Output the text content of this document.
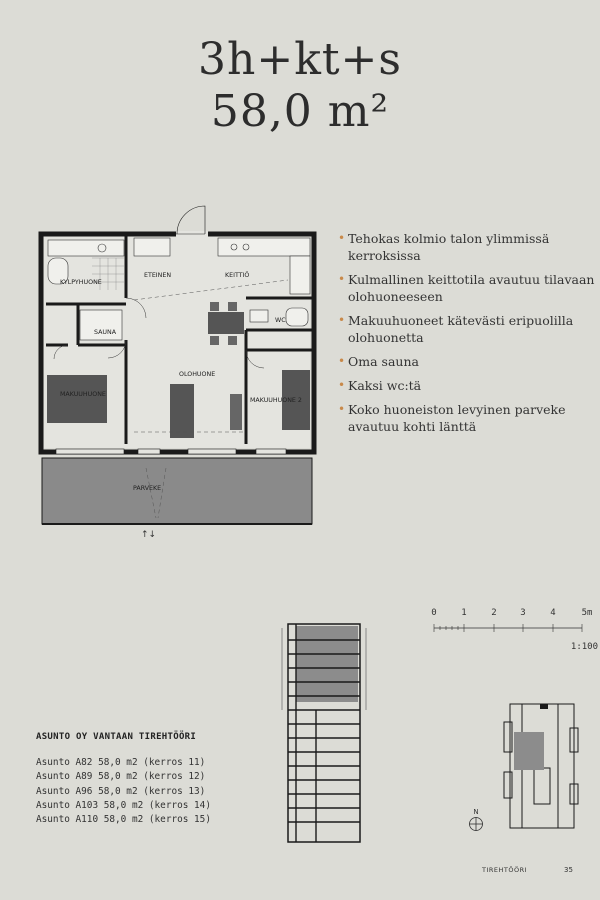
3h+kt+s
58,0 m²
• Tehokas kolmio talon ylimmissä kerroksissa
• Kulmallinen keittotila avautuu tilavaan olohuoneeseen
• Makuuhuoneet kätevästi eripuolilla olohuonetta
• Oma sauna
• Kaksi wc:tä
• Koko huoneiston levyinen parveke avautuu kohti länttä
KYLPYHUONE
ETEINEN	KEITTIÖ
SAUNA
WC
OLOHUONE
MAKUUHUONE
MAKUUHUONE 2
PARVEKE
↑↓
0	1	2	3	4	5m
1:100
N
ASUNTO OY VANTAAN TIREHTÖÖRI
Asunto A82 58,0 m2 (kerros 11)
Asunto A89 58,0 m2 (kerros 12)
Asunto A96 58,0 m2 (kerros 13)
Asunto A103 58,0 m2 (kerros 14)
Asunto A110 58,0 m2 (kerros 15)
TIREHTÖÖRI	35
